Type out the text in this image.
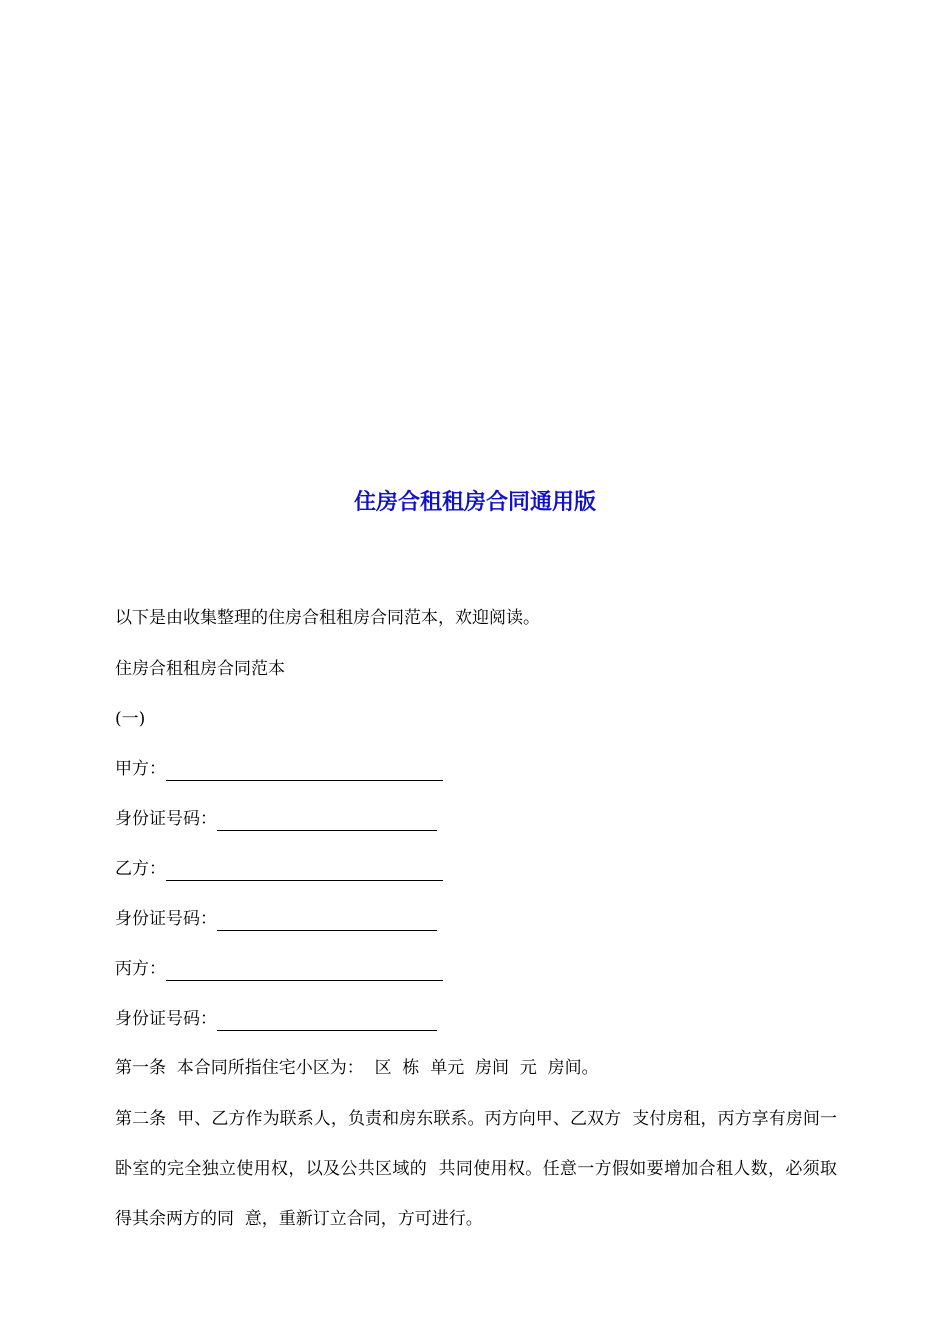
住房合租租房合同通用版

以下是由收集整理的住房合租租房合同范本，欢迎阅读。

住房合租租房合同范本

(一)

甲方：
身份证号码：
乙方：
身份证号码：
丙方：
身份证号码：

第一条  本合同所指住宅小区为：  区  栋  单元  房间  元  房间。

第二条  甲、乙方作为联系人，负责和房东联系。丙方向甲、乙双方  支付房租，丙方享有房间一卧室的完全独立使用权，以及公共区域的  共同使用权。任意一方假如要增加合租人数，必须取得其余两方的同  意，重新订立合同，方可进行。
